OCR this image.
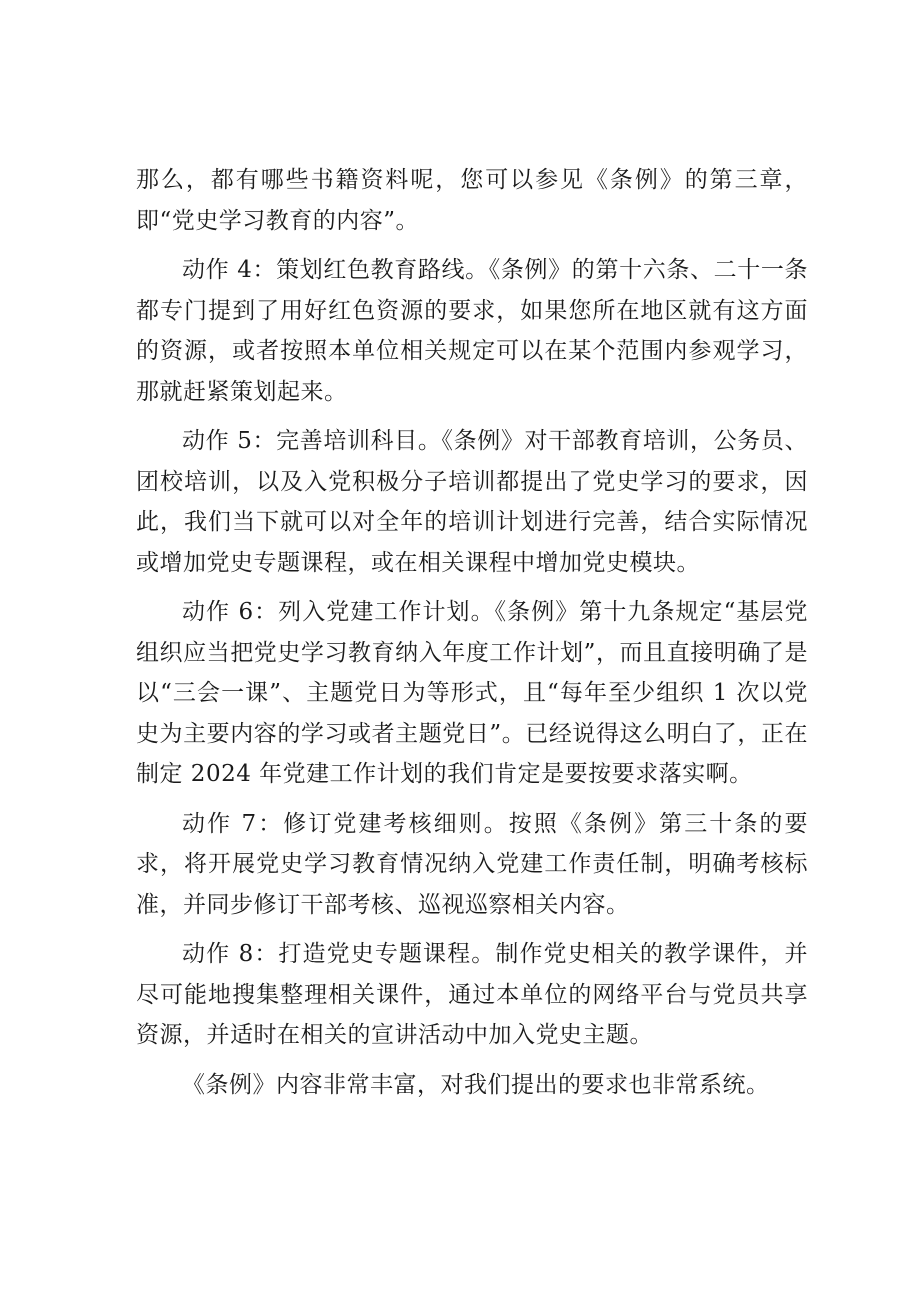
那么，都有哪些书籍资料呢，您可以参见《条例》的第三章，即“党史学习教育的内容”。

动作 4：策划红色教育路线。《条例》的第十六条、二十一条都专门提到了用好红色资源的要求，如果您所在地区就有这方面的资源，或者按照本单位相关规定可以在某个范围内参观学习，那就赶紧策划起来。

动作 5：完善培训科目。《条例》对干部教育培训，公务员、团校培训，以及入党积极分子培训都提出了党史学习的要求，因此，我们当下就可以对全年的培训计划进行完善，结合实际情况或增加党史专题课程，或在相关课程中增加党史模块。

动作 6：列入党建工作计划。《条例》第十九条规定“基层党组织应当把党史学习教育纳入年度工作计划”，而且直接明确了是以“三会一课”、主题党日为等形式，且“每年至少组织 1 次以党史为主要内容的学习或者主题党日”。已经说得这么明白了，正在制定 2024 年党建工作计划的我们肯定是要按要求落实啊。

动作 7：修订党建考核细则。按照《条例》第三十条的要求，将开展党史学习教育情况纳入党建工作责任制，明确考核标准，并同步修订干部考核、巡视巡察相关内容。

动作 8：打造党史专题课程。制作党史相关的教学课件，并尽可能地搜集整理相关课件，通过本单位的网络平台与党员共享资源，并适时在相关的宣讲活动中加入党史主题。

《条例》内容非常丰富，对我们提出的要求也非常系统。
